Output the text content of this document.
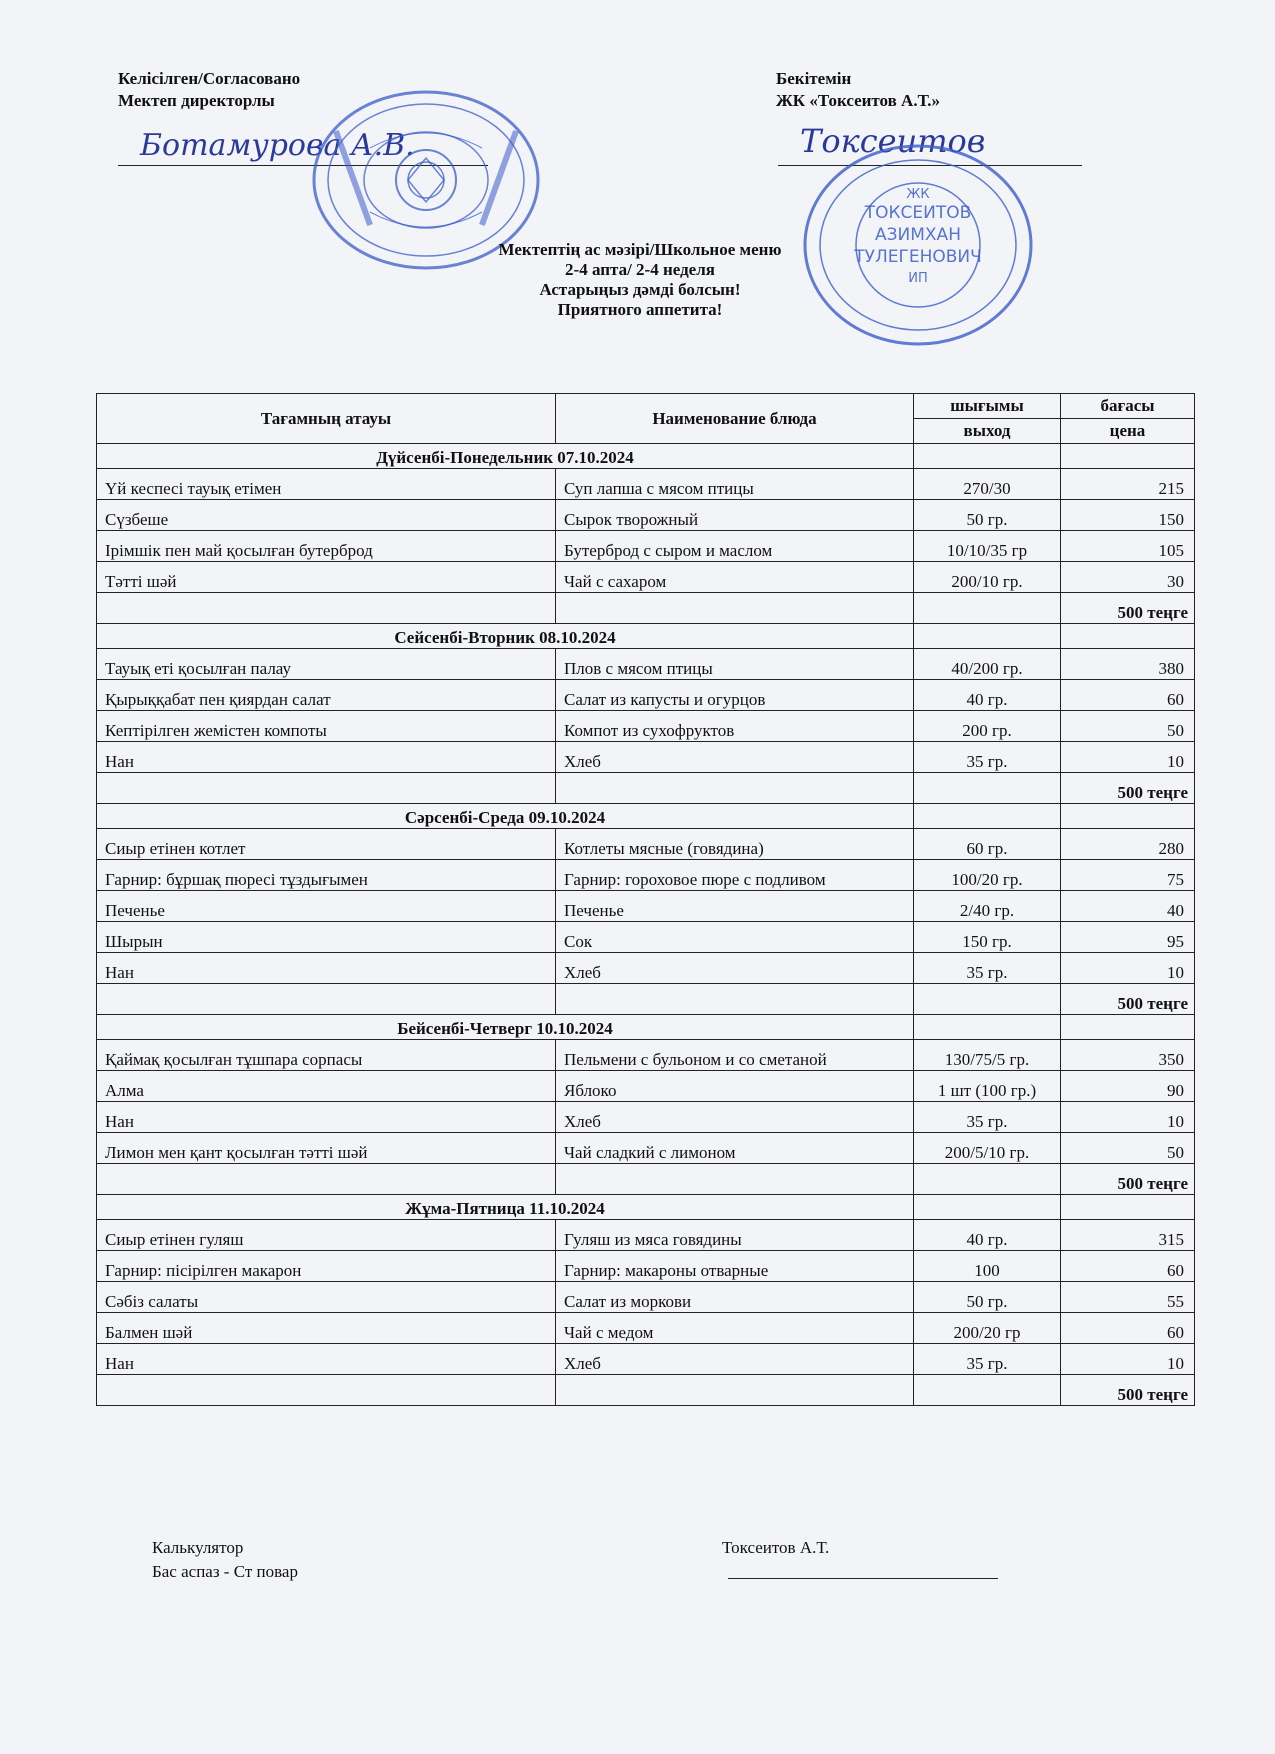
Келісілген/Согласовано
Мектеп директорлы
Бекітемін
ЖК «Токсеитов А.Т.»
Ботамурова А.В.	Токсеитов
ЖК
ТОКСЕИТОВ
АЗИМХАН
ТУЛЕГЕНОВИЧ
ИП
Мектептің ас мәзірі/Школьное меню
2-4 апта/ 2-4 неделя
Астарыңыз дәмді болсын!
Приятного аппетита!
Тағамның атауы	Наименование блюда	шығымы	бағасы
		выход	цена
Дүйсенбі-Понедельник 07.10.2024			
Үй кеспесі тауық етімен	Суп лапша с мясом птицы	270/30	215
Сүзбеше	Сырок творожный	50 гр.	150
Ірімшік пен май қосылған бутерброд	Бутерброд с сыром и маслом	10/10/35 гр	105
Тәтті шәй	Чай с сахаром	200/10 гр.	30
			500 теңге
Сейсенбі-Вторник 08.10.2024			
Тауық еті қосылған палау	Плов с мясом птицы	40/200 гр.	380
Қырыққабат пен қиярдан салат	Салат из капусты и огурцов	40 гр.	60
Кептірілген жемістен компоты	Компот из сухофруктов	200 гр.	50
Нан	Хлеб	35 гр.	10
			500 теңге
Сәрсенбі-Среда 09.10.2024			
Сиыр етінен котлет	Котлеты мясные (говядина)	60 гр.	280
Гарнир: бұршақ пюресі тұздығымен	Гарнир: гороховое пюре с подливом	100/20 гр.	75
Печенье	Печенье	2/40 гр.	40
Шырын	Сок	150 гр.	95
Нан	Хлеб	35 гр.	10
			500 теңге
Бейсенбі-Четверг 10.10.2024			
Қаймақ қосылған тұшпара сорпасы	Пельмени с бульоном и со сметаной	130/75/5 гр.	350
Алма	Яблоко	1 шт (100 гр.)	90
Нан	Хлеб	35 гр.	10
Лимон мен қант қосылған тәтті шәй	Чай сладкий с лимоном	200/5/10 гр.	50
			500 теңге
Жұма-Пятница 11.10.2024			
Сиыр етінен гуляш	Гуляш из мяса говядины	40 гр.	315
Гарнир: пісірілген макарон	Гарнир: макароны отварные	100	60
Сәбіз салаты	Салат из моркови	50 гр.	55
Балмен шәй	Чай с медом	200/20 гр	60
Нан	Хлеб	35 гр.	10
			500 теңге
Калькулятор
Бас аспаз - Ст повар
Токсеитов А.Т.
